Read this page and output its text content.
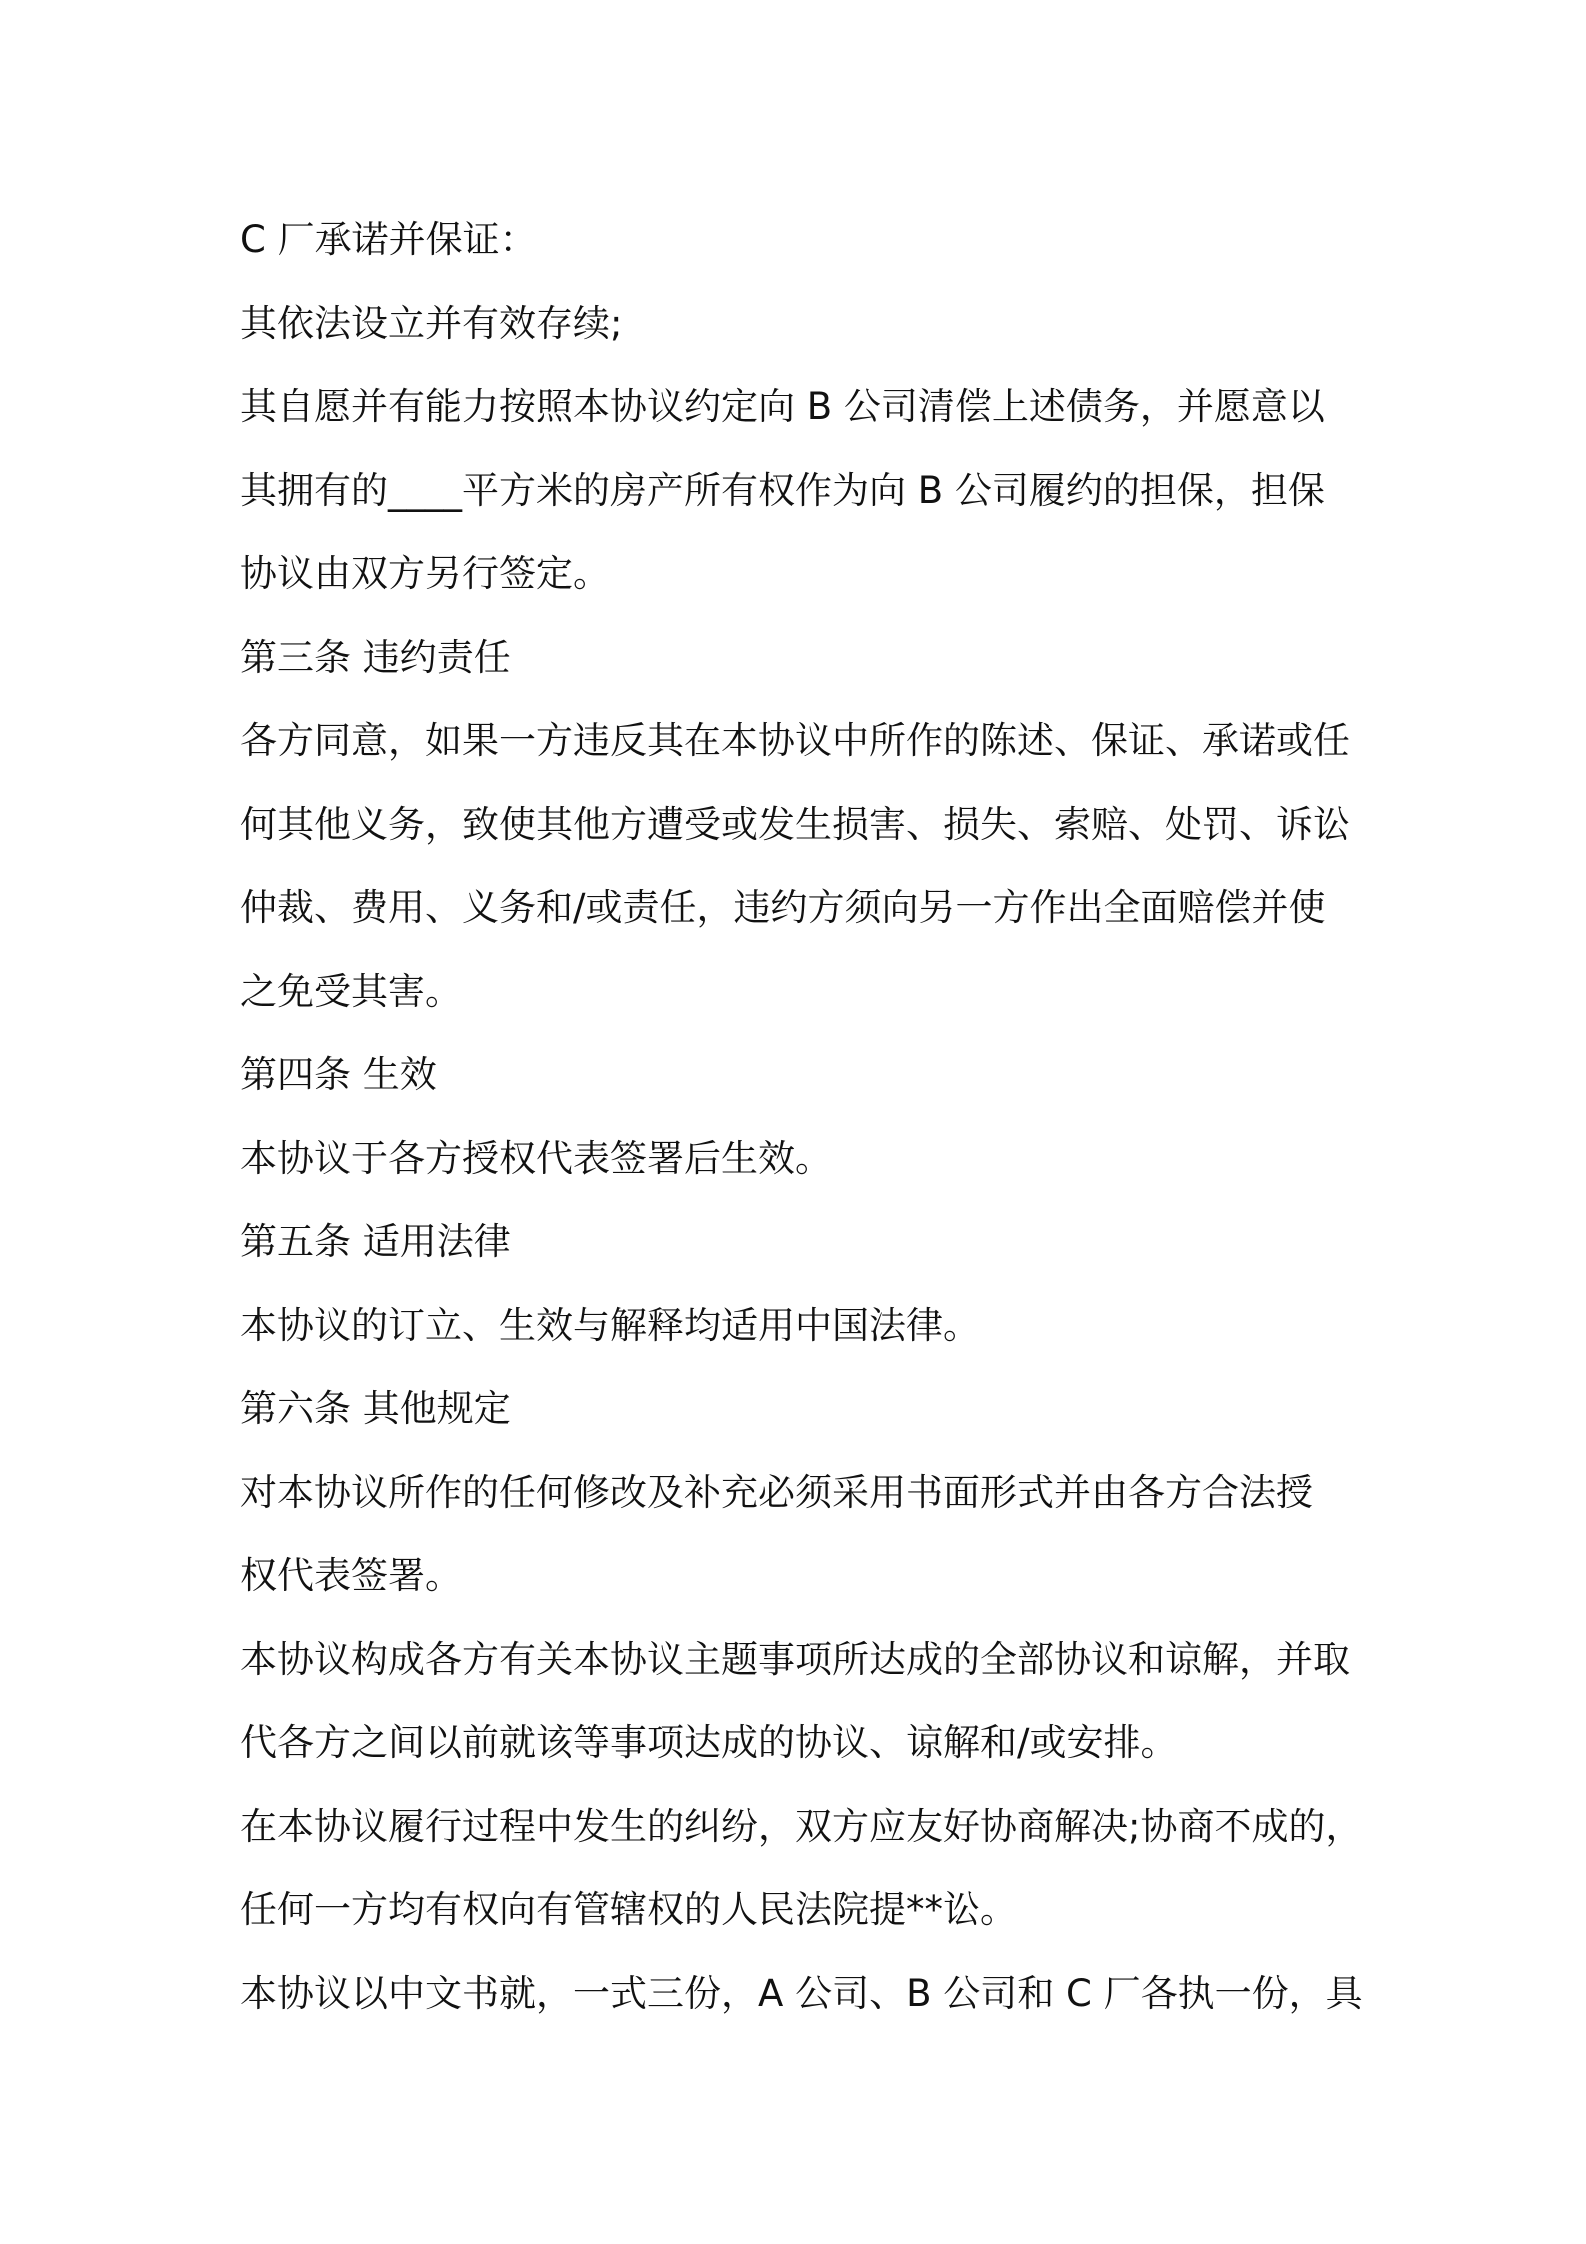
C 厂承诺并保证：
其依法设立并有效存续;
其自愿并有能力按照本协议约定向 B 公司清偿上述债务，并愿意以
其拥有的____平方米的房产所有权作为向 B 公司履约的担保，担保
协议由双方另行签定。
第三条 违约责任
各方同意，如果一方违反其在本协议中所作的陈述、保证、承诺或任
何其他义务，致使其他方遭受或发生损害、损失、索赔、处罚、诉讼
仲裁、费用、义务和/或责任，违约方须向另一方作出全面赔偿并使
之免受其害。
第四条 生效
本协议于各方授权代表签署后生效。
第五条 适用法律
本协议的订立、生效与解释均适用中国法律。
第六条 其他规定
对本协议所作的任何修改及补充必须采用书面形式并由各方合法授
权代表签署。
本协议构成各方有关本协议主题事项所达成的全部协议和谅解，并取
代各方之间以前就该等事项达成的协议、谅解和/或安排。
在本协议履行过程中发生的纠纷，双方应友好协商解决;协商不成的，
任何一方均有权向有管辖权的人民法院提**讼。
本协议以中文书就，一式三份，A 公司、B 公司和 C 厂各执一份，具
